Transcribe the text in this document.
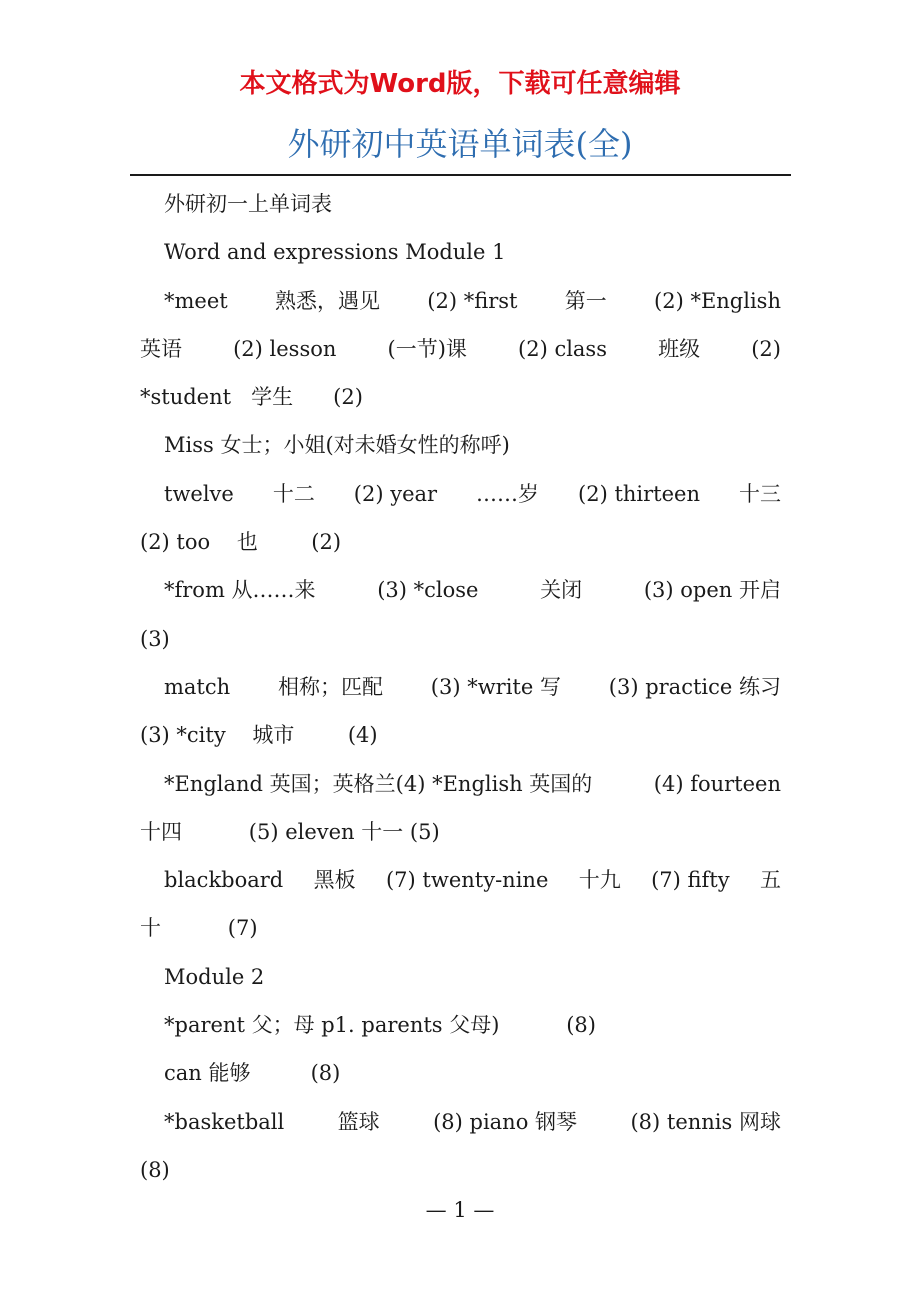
本文格式为Word版，下载可任意编辑
外研初中英语单词表(全)

外研初一上单词表

Word and expressions Module 1

*meet 熟悉，遇见 (2) *first 第一 (2) *English
英语 (2) lesson (一节)课 (2) class 班级 (2)

*student 学生 (2)

Miss 女士；小姐(对未婚女性的称呼)

twelve 十二 (2) year ……岁 (2) thirteen 十三

(2) too 也	(2)

*from 从……来	(3) *close	关闭	(3) open 开启

(3)

match 相称；匹配 (3) *write 写 (3) practice 练习

(3) *city 城市	(4)

*England 英国；英格兰(4) *English 英国的	(4) fourteen

十四	(5) eleven 十一 (5)

blackboard 黑板 (7) twenty-nine 十九 (7) fifty 五

十	(7)

Module 2

*parent 父；母 p1. parents 父母)	(8)

can 能够	(8)

*basketball	篮球	(8) piano 钢琴	(8) tennis 网球

(8)

— 1 —
